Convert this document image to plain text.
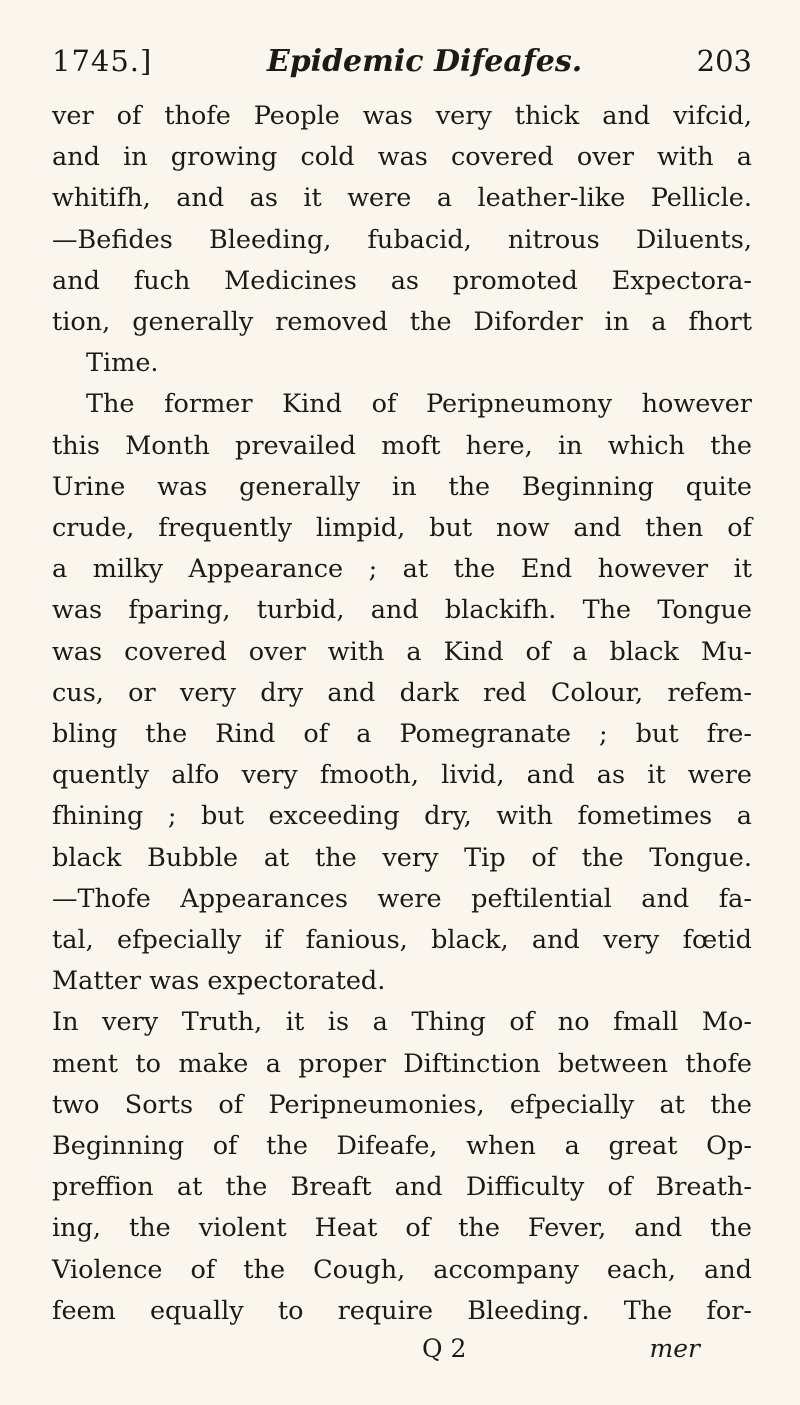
1745.]	Epidemic Difeafes.	203

ver of thofe People was very thick and vifcid,
and in growing cold was covered over with a
whitifh, and as it were a leather-like Pellicle.
—Befides Bleeding, fubacid, nitrous Diluents,
and fuch Medicines as promoted Expectora-
tion, generally removed the Diforder in a fhort
Time.

The former Kind of Peripneumony however
this Month prevailed moft here, in which the
Urine was generally in the Beginning quite
crude, frequently limpid, but now and then of
a milky Appearance ; at the End however it
was fparing, turbid, and blackifh. The Tongue
was covered over with a Kind of a black Mu-
cus, or very dry and dark red Colour, refem-
bling the Rind of a Pomegranate ; but fre-
quently alfo very fmooth, livid, and as it were
fhining ; but exceeding dry, with fometimes a
black Bubble at the very Tip of the Tongue.
—Thofe Appearances were peftilential and fa-
tal, efpecially if fanious, black, and very fœtid
Matter was expectorated.

In very Truth, it is a Thing of no fmall Mo-
ment to make a proper Diftinction between thofe
two Sorts of Peripneumonies, efpecially at the
Beginning of the Difeafe, when a great Op-
preffion at the Breaft and Difficulty of Breath-
ing, the violent Heat of the Fever, and the
Violence of the Cough, accompany each, and
feem equally to require Bleeding. The for-

Q 2	mer
